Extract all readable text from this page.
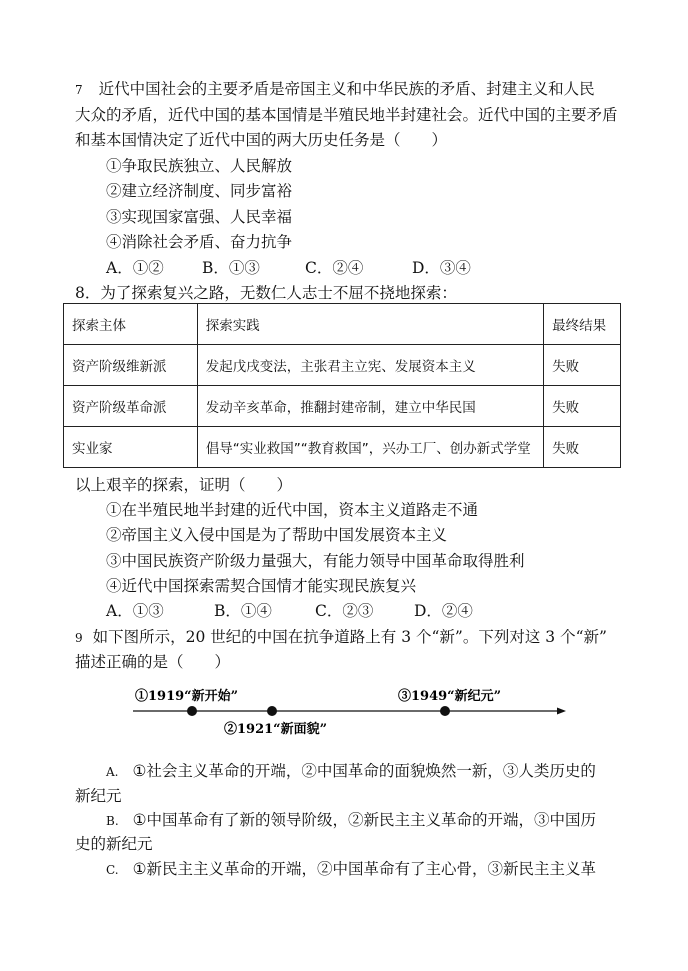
7 近代中国社会的主要矛盾是帝国主义和中华民族的矛盾、封建主义和人民
大众的矛盾，近代中国的基本国情是半殖民地半封建社会。近代中国的主要矛盾
和基本国情决定了近代中国的两大历史任务是（　　）
①争取民族独立、人民解放
②建立经济制度、同步富裕
③实现国家富强、人民幸福
④消除社会矛盾、奋力抗争
A．①② B．①③	C．②④	D．③④
8．为了探索复兴之路，无数仁人志士不屈不挠地探索：
探索主体	探索实践	最终结果
资产阶级维新派	发起戊戌变法，主张君主立宪、发展资本主义	失败
资产阶级革命派	发动辛亥革命，推翻封建帝制，建立中华民国	失败
实业家	倡导“实业救国”“教育救国”，兴办工厂、创办新式学堂	失败
以上艰辛的探索，证明（　　）
①在半殖民地半封建的近代中国，资本主义道路走不通
②帝国主义入侵中国是为了帮助中国发展资本主义
③中国民族资产阶级力量强大，有能力领导中国革命取得胜利
④近代中国探索需契合国情才能实现民族复兴
A．①③	B．①④	C．②③	D．②④
9 如下图所示，20 世纪的中国在抗争道路上有 3 个“新”。下列对这 3 个“新”
描述正确的是（　　）
①1919“新开始”
②1921“新面貌”
③1949“新纪元”
A. ①社会主义革命的开端，②中国革命的面貌焕然一新，③人类历史的
新纪元
B. ①中国革命有了新的领导阶级，②新民主主义革命的开端，③中国历
史的新纪元
C. ①新民主主义革命的开端，②中国革命有了主心骨，③新民主主义革
